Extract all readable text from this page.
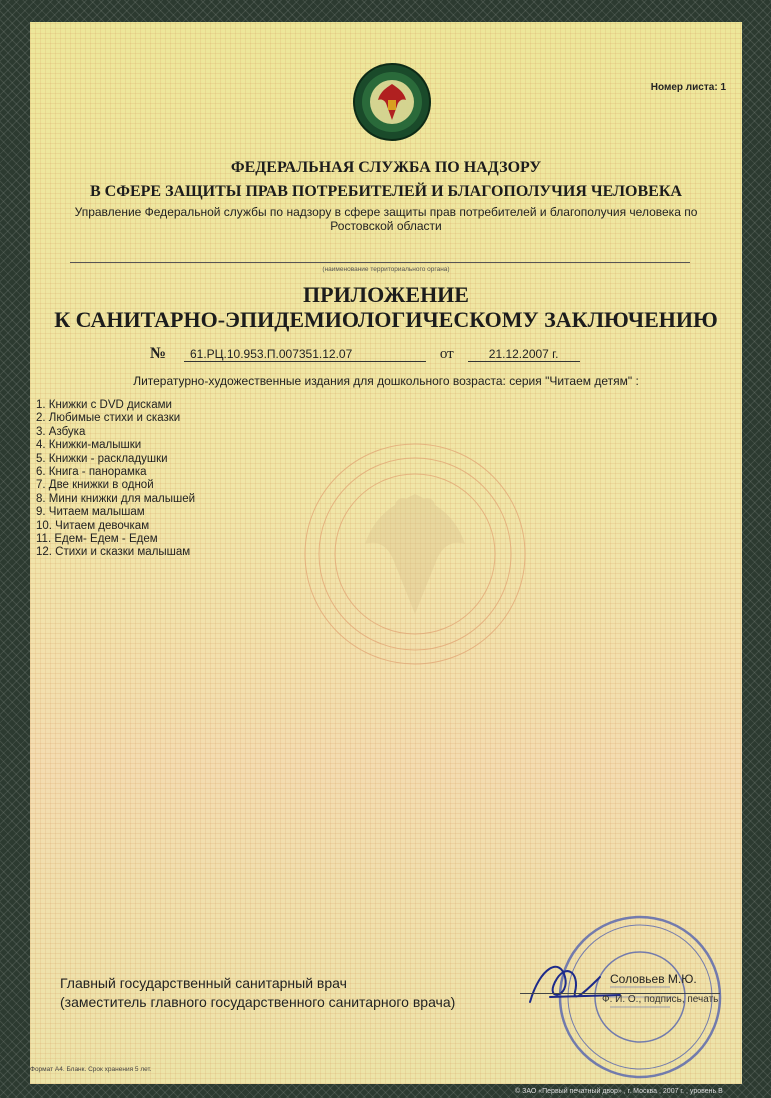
Номер листа: 1
ФЕДЕРАЛЬНАЯ СЛУЖБА ПО НАДЗОРУ
В СФЕРЕ ЗАЩИТЫ ПРАВ ПОТРЕБИТЕЛЕЙ И БЛАГОПОЛУЧИЯ ЧЕЛОВЕКА
Управление Федеральной службы по надзору в сфере защиты прав потребителей и благополучия человека по
Ростовской области
(наименование территориального органа)
ПРИЛОЖЕНИЕ
К САНИТАРНО-ЭПИДЕМИОЛОГИЧЕСКОМУ ЗАКЛЮЧЕНИЮ
№ 61.РЦ.10.953.П.007351.12.07	от	21.12.2007 г.
Литературно-художественные издания для дошкольного возраста: серия "Читаем детям" :
1. Книжки с DVD дисками
2. Любимые стихи и сказки
3. Азбука
4. Книжки-малышки
5. Книжки - раскладушки
6. Книга - панорамка
7. Две книжки в одной
8. Мини книжки для малышей
9. Читаем малышам
10. Читаем девочкам
11. Едем- Едем - Едем
12. Стихи и сказки малышам
Главный государственный санитарный врач
(заместитель главного государственного санитарного врача)
Соловьев М.Ю.
Ф. И. О., подпись, печать
Формат А4. Бланк. Срок хранения 5 лет.
© ЗАО «Первый печатный двор» , г. Москва , 2007 г. , уровень В
